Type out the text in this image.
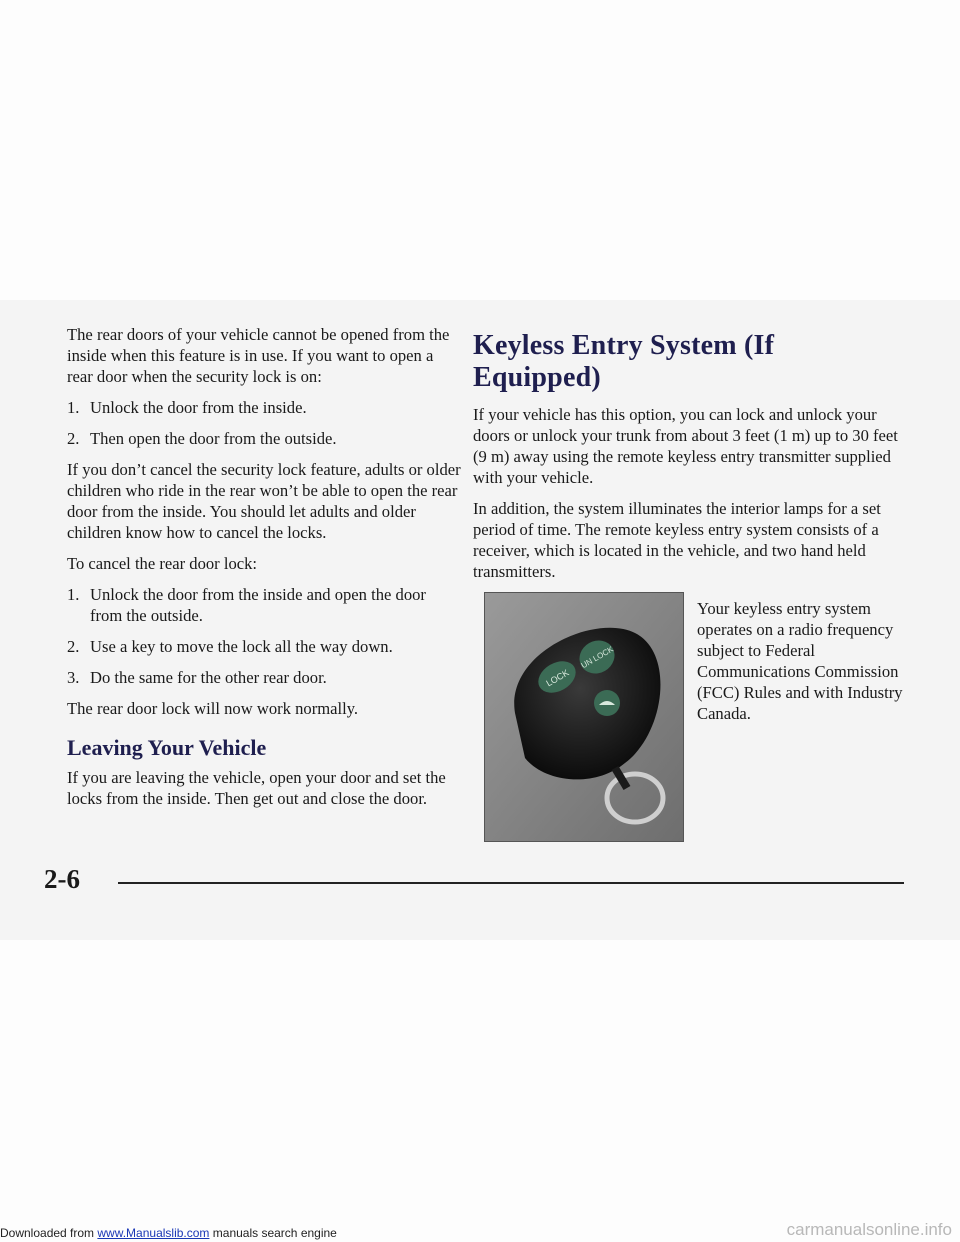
The rear doors of your vehicle cannot be opened from the inside when this feature is in use. If you want to open a rear door when the security lock is on:

1. Unlock the door from the inside.
2. Then open the door from the outside.

If you don’t cancel the security lock feature, adults or older children who ride in the rear won’t be able to open the rear door from the inside. You should let adults and older children know how to cancel the locks.

To cancel the rear door lock:

1. Unlock the door from the inside and open the door from the outside.
2. Use a key to move the lock all the way down.
3. Do the same for the other rear door.

The rear door lock will now work normally.

Leaving Your Vehicle

If you are leaving the vehicle, open your door and set the locks from the inside. Then get out and close the door.

Keyless Entry System (If Equipped)

If your vehicle has this option, you can lock and unlock your doors or unlock your trunk from about 3 feet (1 m) up to 30 feet (9 m) away using the remote keyless entry transmitter supplied with your vehicle.

In addition, the system illuminates the interior lamps for a set period of time. The remote keyless entry system consists of a receiver, which is located in the vehicle, and two hand held transmitters.

LOCK
UN LOCK

Your keyless entry system operates on a radio frequency subject to Federal Communications Commission (FCC) Rules and with Industry Canada.

2-6
Downloaded from www.Manualslib.com manuals search engine	carmanualsonline.info
